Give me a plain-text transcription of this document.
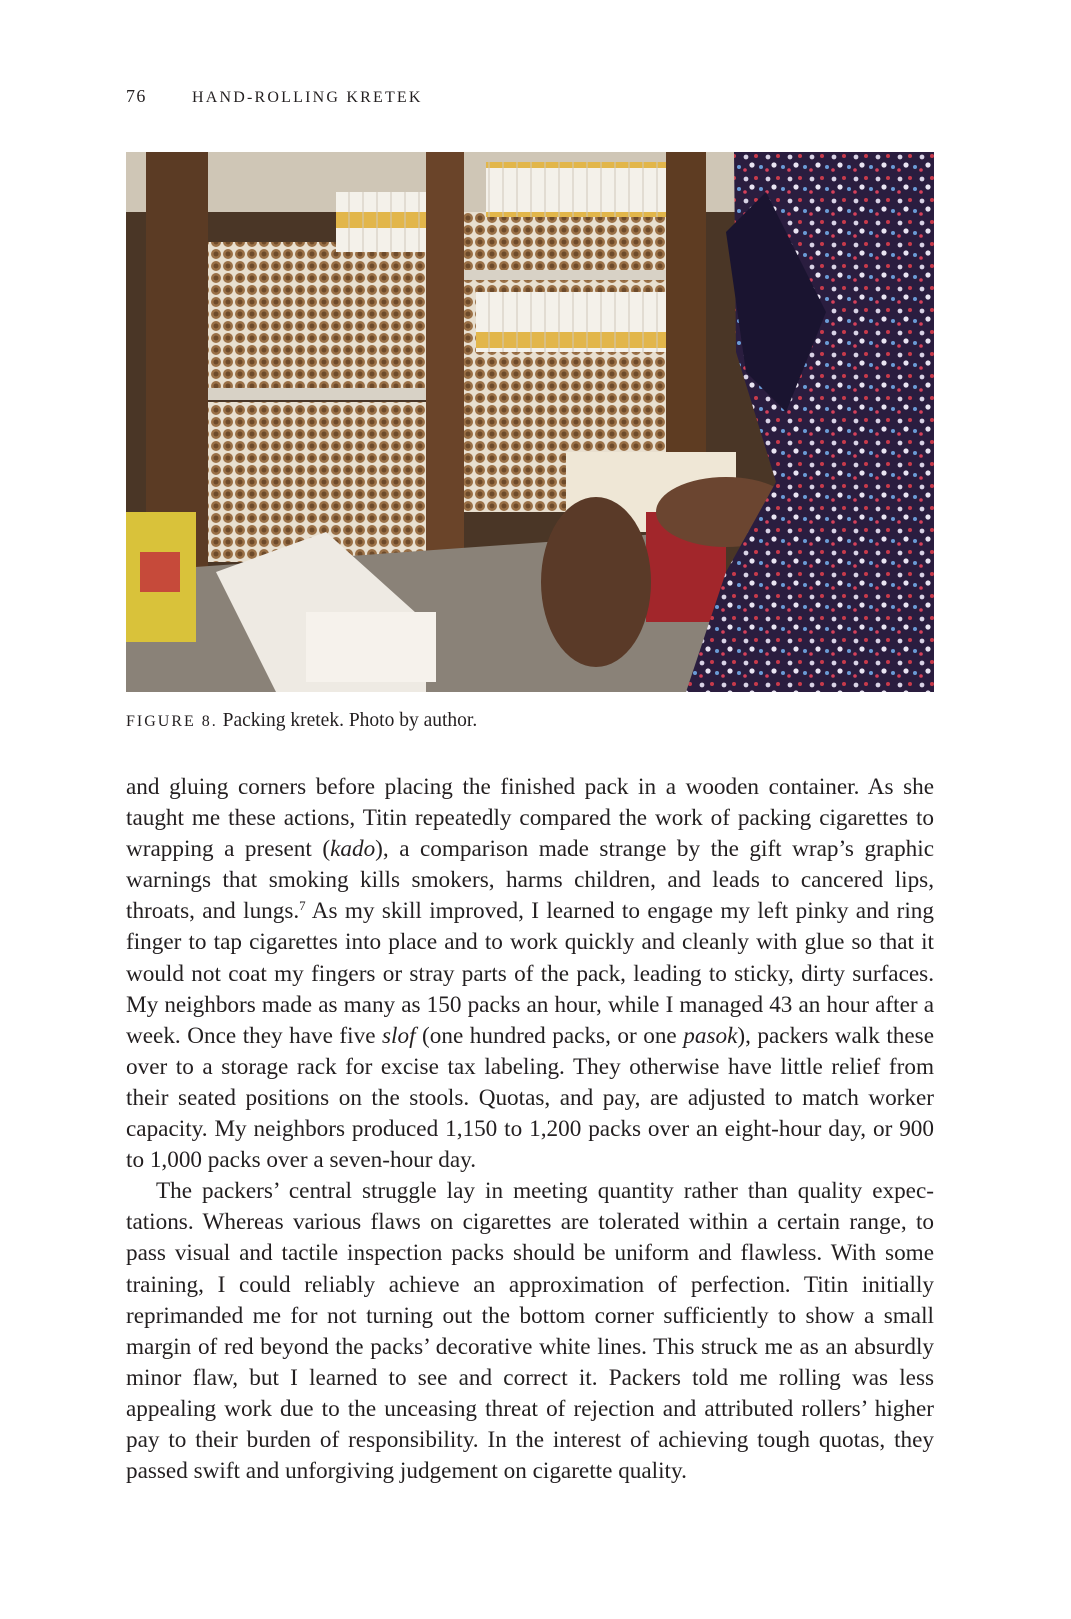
76	HAND-ROLLING KRETEK
FIGURE 8. Packing kretek. Photo by author.

and gluing corners before placing the finished pack in a wooden container. As she taught me these actions, Titin repeatedly compared the work of packing cigarettes to wrapping a present (kado), a comparison made strange by the gift wrap’s graphic warnings that smoking kills smokers, harms children, and leads to cancered lips, throats, and lungs.$^7$ As my skill improved, I learned to engage my left pinky and ring finger to tap cigarettes into place and to work quickly and cleanly with glue so that it would not coat my fingers or stray parts of the pack, leading to sticky, dirty surfaces. My neighbors made as many as 150 packs an hour, while I managed 43 an hour after a week. Once they have five slof (one hundred packs, or one pasok), packers walk these over to a storage rack for excise tax labeling. They otherwise have little relief from their seated positions on the stools. Quotas, and pay, are adjusted to match worker capacity. My neighbors produced 1,150 to 1,200 packs over an eight-hour day, or 900 to 1,000 packs over a seven-hour day.

The packers’ central struggle lay in meeting quantity rather than quality expectations. Whereas various flaws on cigarettes are tolerated within a certain range, to pass visual and tactile inspection packs should be uniform and flawless. With some training, I could reliably achieve an approximation of perfection. Titin initially reprimanded me for not turning out the bottom corner sufficiently to show a small margin of red beyond the packs’ decorative white lines. This struck me as an absurdly minor flaw, but I learned to see and correct it. Packers told me rolling was less appealing work due to the unceasing threat of rejection and attributed rollers’ higher pay to their burden of responsibility. In the interest of achieving tough quotas, they passed swift and unforgiving judgement on cigarette quality.
